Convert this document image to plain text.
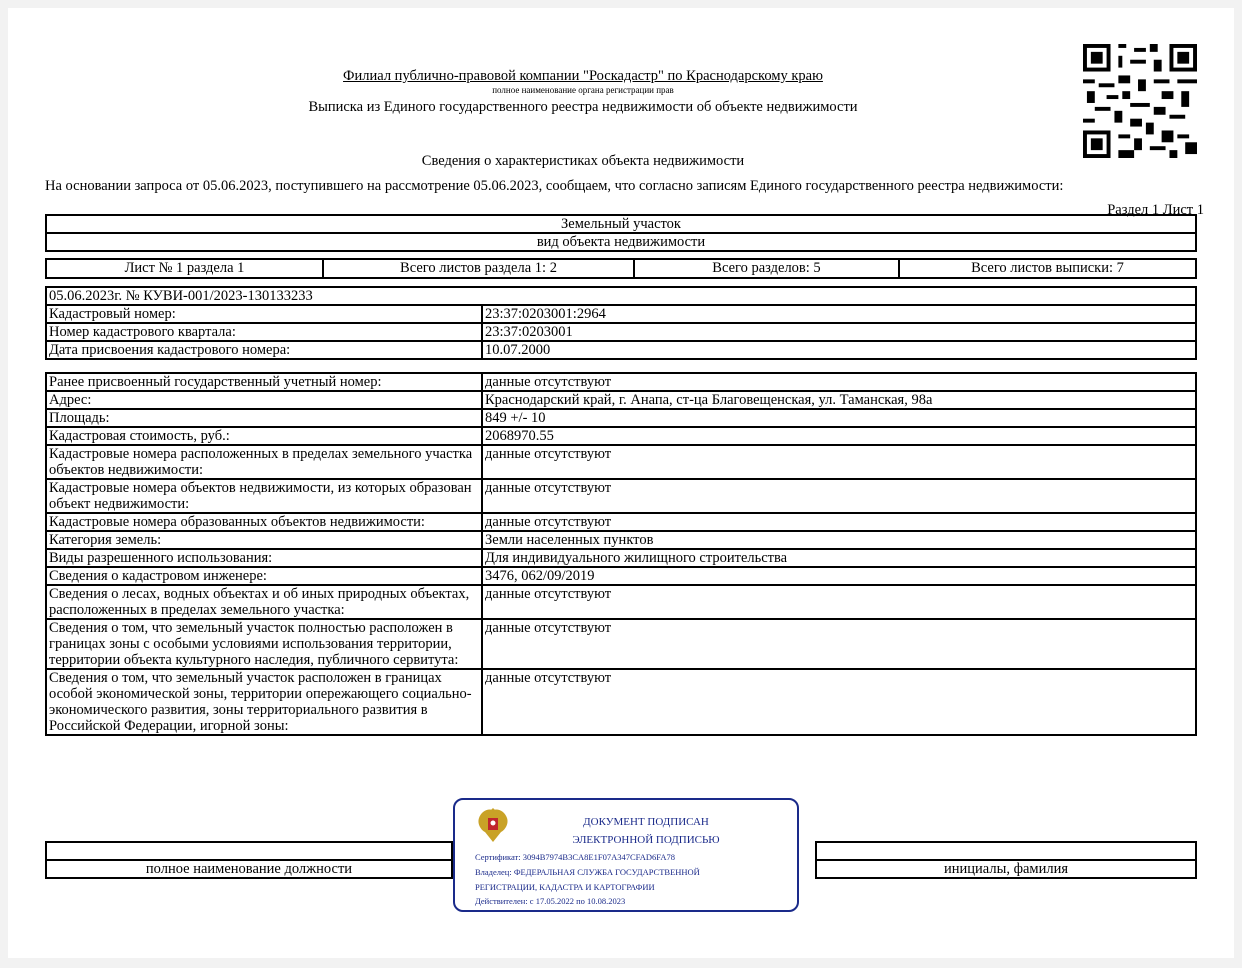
Филиал публично-правовой компании "Роскадастр" по Краснодарскому краю
полное наименование органа регистрации прав
Выписка из Единого государственного реестра недвижимости об объекте недвижимости
Сведения о характеристиках объекта недвижимости
На основании запроса от 05.06.2023, поступившего на рассмотрение 05.06.2023, сообщаем, что согласно записям Единого государственного реестра недвижимости:
Раздел 1 Лист 1
Земельный участок
вид объекта недвижимости
Лист № 1 раздела 1	Всего листов раздела 1: 2	Всего разделов: 5	Всего листов выписки: 7
05.06.2023г. № КУВИ-001/2023-130133233	
Кадастровый номер:	23:37:0203001:2964
Номер кадастрового квартала:	23:37:0203001
Дата присвоения кадастрового номера:	10.07.2000
Ранее присвоенный государственный учетный номер:	данные отсутствуют
Адрес:	Краснодарский край, г. Анапа, ст-ца Благовещенская, ул. Таманская, 98а
Площадь:	849 +/- 10
Кадастровая стоимость, руб.:	2068970.55
Кадастровые номера расположенных в пределах земельного участка объектов недвижимости:	данные отсутствуют
Кадастровые номера объектов недвижимости, из которых образован объект недвижимости:	данные отсутствуют
Кадастровые номера образованных объектов недвижимости:	данные отсутствуют
Категория земель:	Земли населенных пунктов
Виды разрешенного использования:	Для индивидуального жилищного строительства
Сведения о кадастровом инженере:	3476, 062/09/2019
Сведения о лесах, водных объектах и об иных природных объектах, расположенных в пределах земельного участка:	данные отсутствуют
Сведения о том, что земельный участок полностью расположен в границах зоны с особыми условиями использования территории, территории объекта культурного наследия, публичного сервитута:	данные отсутствуют
Сведения о том, что земельный участок расположен в границах особой экономической зоны, территории опережающего социально-экономического развития, зоны территориального развития в Российской Федерации, игорной зоны:	данные отсутствуют

полное наименование должности		инициалы, фамилия
ДОКУМЕНТ ПОДПИСАН
ЭЛЕКТРОННОЙ ПОДПИСЬЮ
Сертификат: 3094B7974B3CA8E1F07A347CFAD6FA78
Владелец: ФЕДЕРАЛЬНАЯ СЛУЖБА ГОСУДАРСТВЕННОЙ
РЕГИСТРАЦИИ, КАДАСТРА И КАРТОГРАФИИ
Действителен: с 17.05.2022 по 10.08.2023
